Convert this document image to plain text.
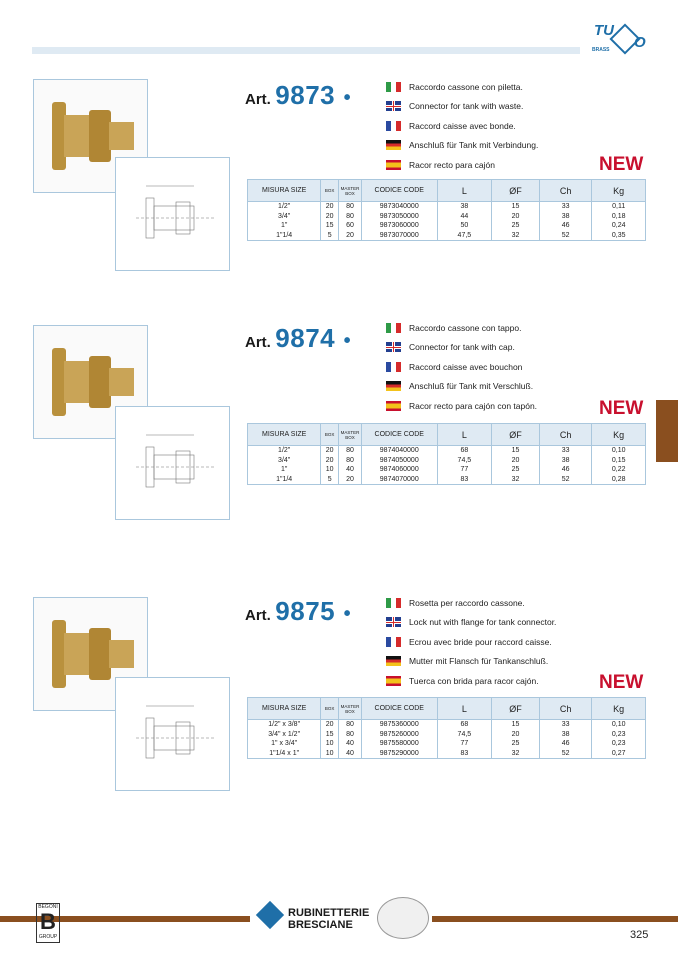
TU
O
BRASS
Art. 9873 •
Raccordo cassone con piletta.
Connector for tank with waste.
Raccord caisse avec bonde.
Anschluß für Tank mit Verbindung.
Racor recto para cajón	NEW
MISURA SIZE	BOX	MASTER BOX	CODICE CODE	L	ØF	Ch	Kg
1/2"	20	80	9873040000	38	15	33	0,11
3/4"	20	80	9873050000	44	20	38	0,18
1"	15	60	9873060000	50	25	46	0,24
1"1/4	5	20	9873070000	47,5	32	52	0,35
Art. 9874 •
Raccordo cassone con tappo.
Connector for tank with cap.
Raccord caisse avec bouchon
Anschluß für Tank mit Verschluß.
Racor recto para cajón con tapón.	NEW
MISURA SIZE	BOX	MASTER BOX	CODICE CODE	L	ØF	Ch	Kg
1/2"	20	80	9874040000	68	15	33	0,10
3/4"	20	80	9874050000	74,5	20	38	0,15
1"	10	40	9874060000	77	25	46	0,22
1"1/4	5	20	9874070000	83	32	52	0,28
Art. 9875 •
Rosetta per raccordo cassone.
Lock nut with flange for tank connector.
Ecrou avec bride pour raccord caisse.
Mutter mit Flansch für Tankanschluß.
Tuerca con brida para racor cajón.	NEW
MISURA SIZE	BOX	MASTER BOX	CODICE CODE	L	ØF	Ch	Kg
1/2" x 3/8"	20	80	9875360000	68	15	33	0,10
3/4" x 1/2"	15	80	9875260000	74,5	20	38	0,23
1" x 3/4"	10	40	9875580000	77	25	46	0,23
1"1/4 x 1"	10	40	9875290000	83	32	52	0,27
BEGONI
B
GROUP
RUBINETTERIE
BRESCIANE
325
